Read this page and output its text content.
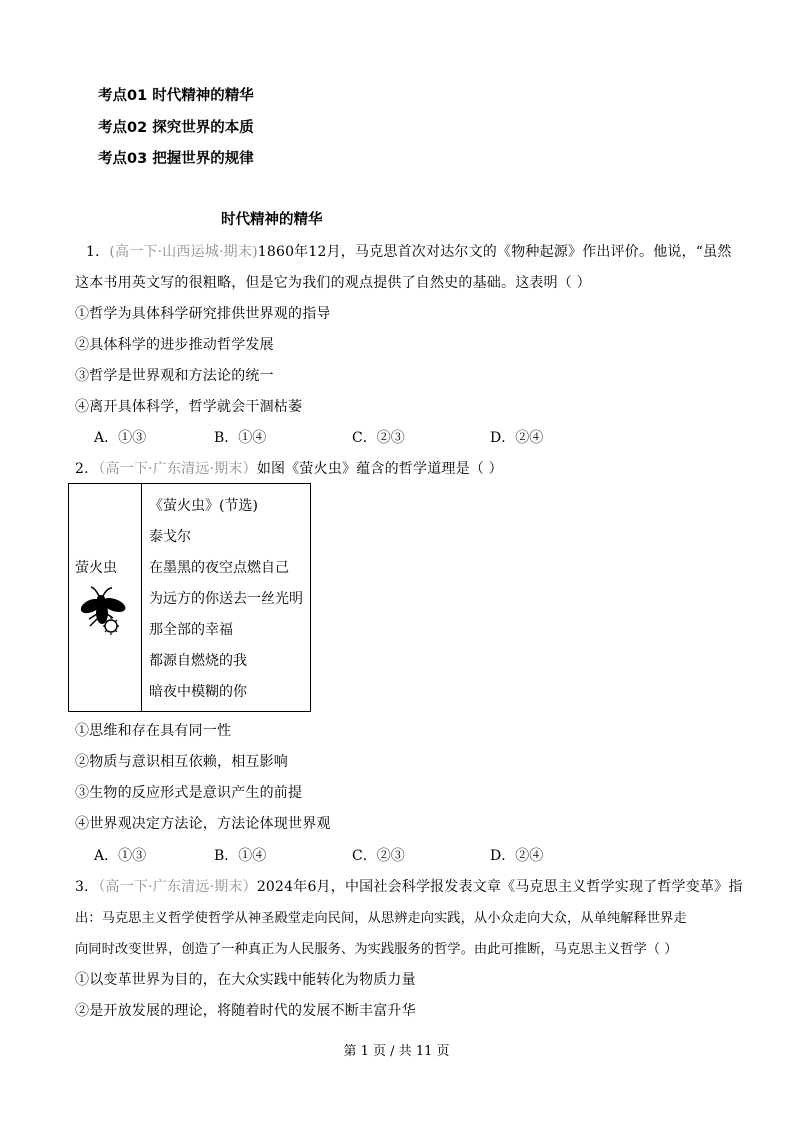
考点01 时代精神的精华
考点02 探究世界的本质
考点03 把握世界的规律
时代精神的精华
1．(高一下·山西运城·期末)1860年12月，马克思首次对达尔文的《物种起源》作出评价。他说，“虽然
这本书用英文写的很粗略，但是它为我们的观点提供了自然史的基础。这表明（ ）
①哲学为具体科学研究排供世界观的指导
②具体科学的进步推动哲学发展
③哲学是世界观和方法论的统一
④离开具体科学，哲学就会干涸枯萎
A．①③	B．①④	C．②③	D．②④
2．（高一下·广东清远·期末）如图《萤火虫》蕴含的哲学道理是（ ）
萤火虫
《萤火虫》(节选)
泰戈尔
在墨黑的夜空点燃自己
为远方的你送去一丝光明
那全部的幸福
都源自燃烧的我
暗夜中模糊的你
①思维和存在具有同一性
②物质与意识相互依赖，相互影响
③生物的反应形式是意识产生的前提
④世界观决定方法论，方法论体现世界观
A．①③	B．①④	C．②③	D．②④
3．（高一下·广东清远·期末）2024年6月，中国社会科学报发表文章《马克思主义哲学实现了哲学变革》指
出：马克思主义哲学使哲学从神圣殿堂走向民间，从思辨走向实践，从小众走向大众，从单纯解释世界走
向同时改变世界，创造了一种真正为人民服务、为实践服务的哲学。由此可推断，马克思主义哲学（ ）
①以变革世界为目的，在大众实践中能转化为物质力量
②是开放发展的理论，将随着时代的发展不断丰富升华
第 1 页 / 共 11 页
